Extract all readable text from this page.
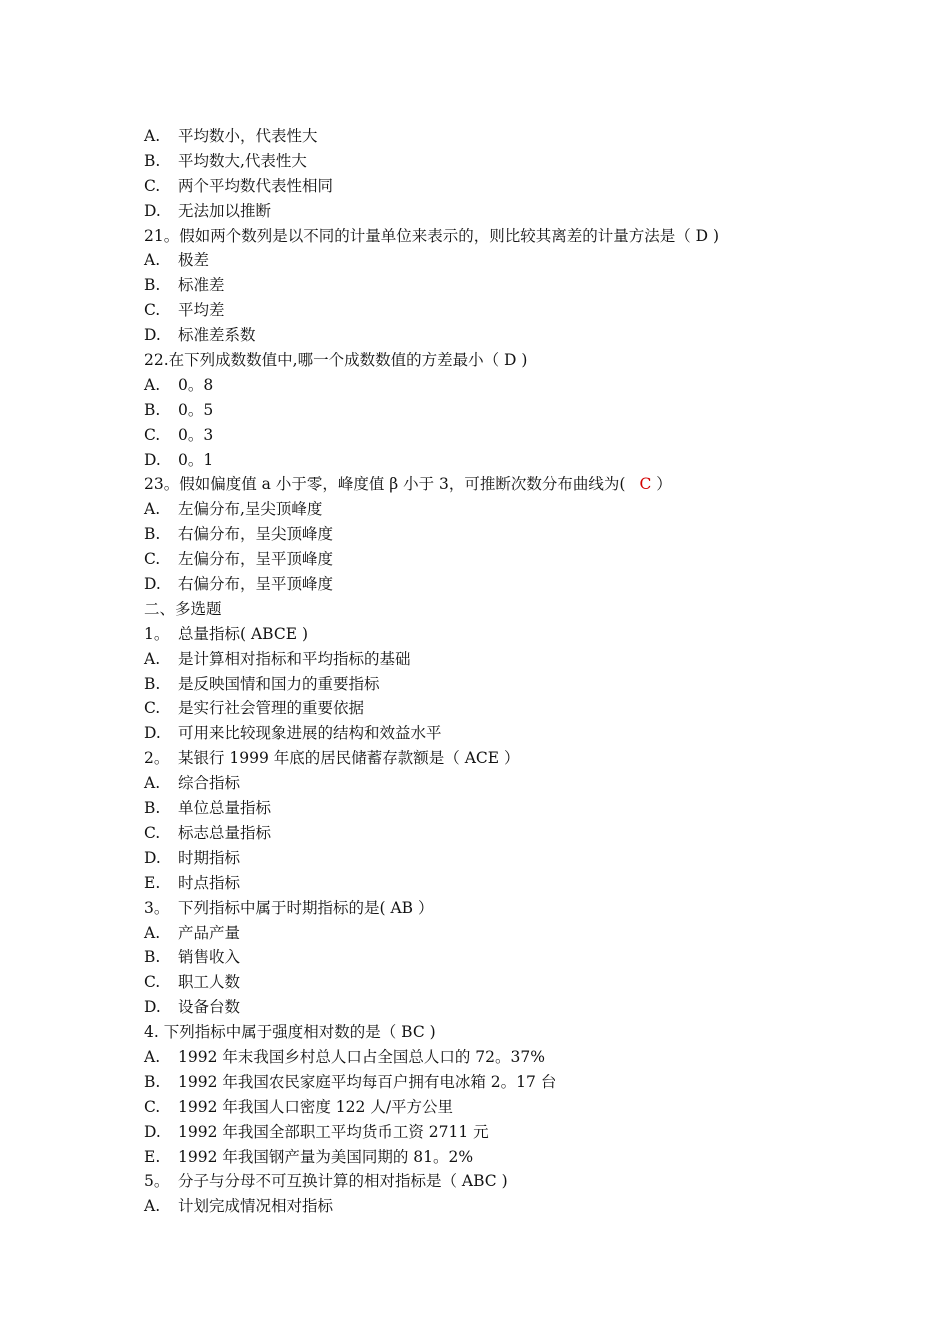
A. 平均数小，代表性大
B. 平均数大,代表性大
C. 两个平均数代表性相同
D. 无法加以推断
21。假如两个数列是以不同的计量单位来表示的，则比较其离差的计量方法是（ D )
A. 极差
B. 标准差
C. 平均差
D. 标准差系数
22.在下列成数数值中,哪一个成数数值的方差最小（ D )
A. 0。8
B. 0。5
C. 0。3
D. 0。1
23。假如偏度值 a 小于零，峰度值 β 小于 3，可推断次数分布曲线为( C ）
A. 左偏分布,呈尖顶峰度
B. 右偏分布，呈尖顶峰度
C. 左偏分布，呈平顶峰度
D. 右偏分布，呈平顶峰度
二、多选题
1。 总量指标( ABCE )
A. 是计算相对指标和平均指标的基础
B. 是反映国情和国力的重要指标
C. 是实行社会管理的重要依据
D. 可用来比较现象进展的结构和效益水平
2。 某银行 1999 年底的居民储蓄存款额是（ ACE ）
A. 综合指标
B. 单位总量指标
C. 标志总量指标
D. 时期指标
E. 时点指标
3。 下列指标中属于时期指标的是( AB ）
A. 产品产量
B. 销售收入
C. 职工人数
D. 设备台数
4. 下列指标中属于强度相对数的是（ BC )
A. 1992 年末我国乡村总人口占全国总人口的 72。37%
B. 1992 年我国农民家庭平均每百户拥有电冰箱 2。17 台
C. 1992 年我国人口密度 122 人/平方公里
D. 1992 年我国全部职工平均货币工资 2711 元
E. 1992 年我国钢产量为美国同期的 81。2%
5。 分子与分母不可互换计算的相对指标是（ ABC )
A. 计划完成情况相对指标
